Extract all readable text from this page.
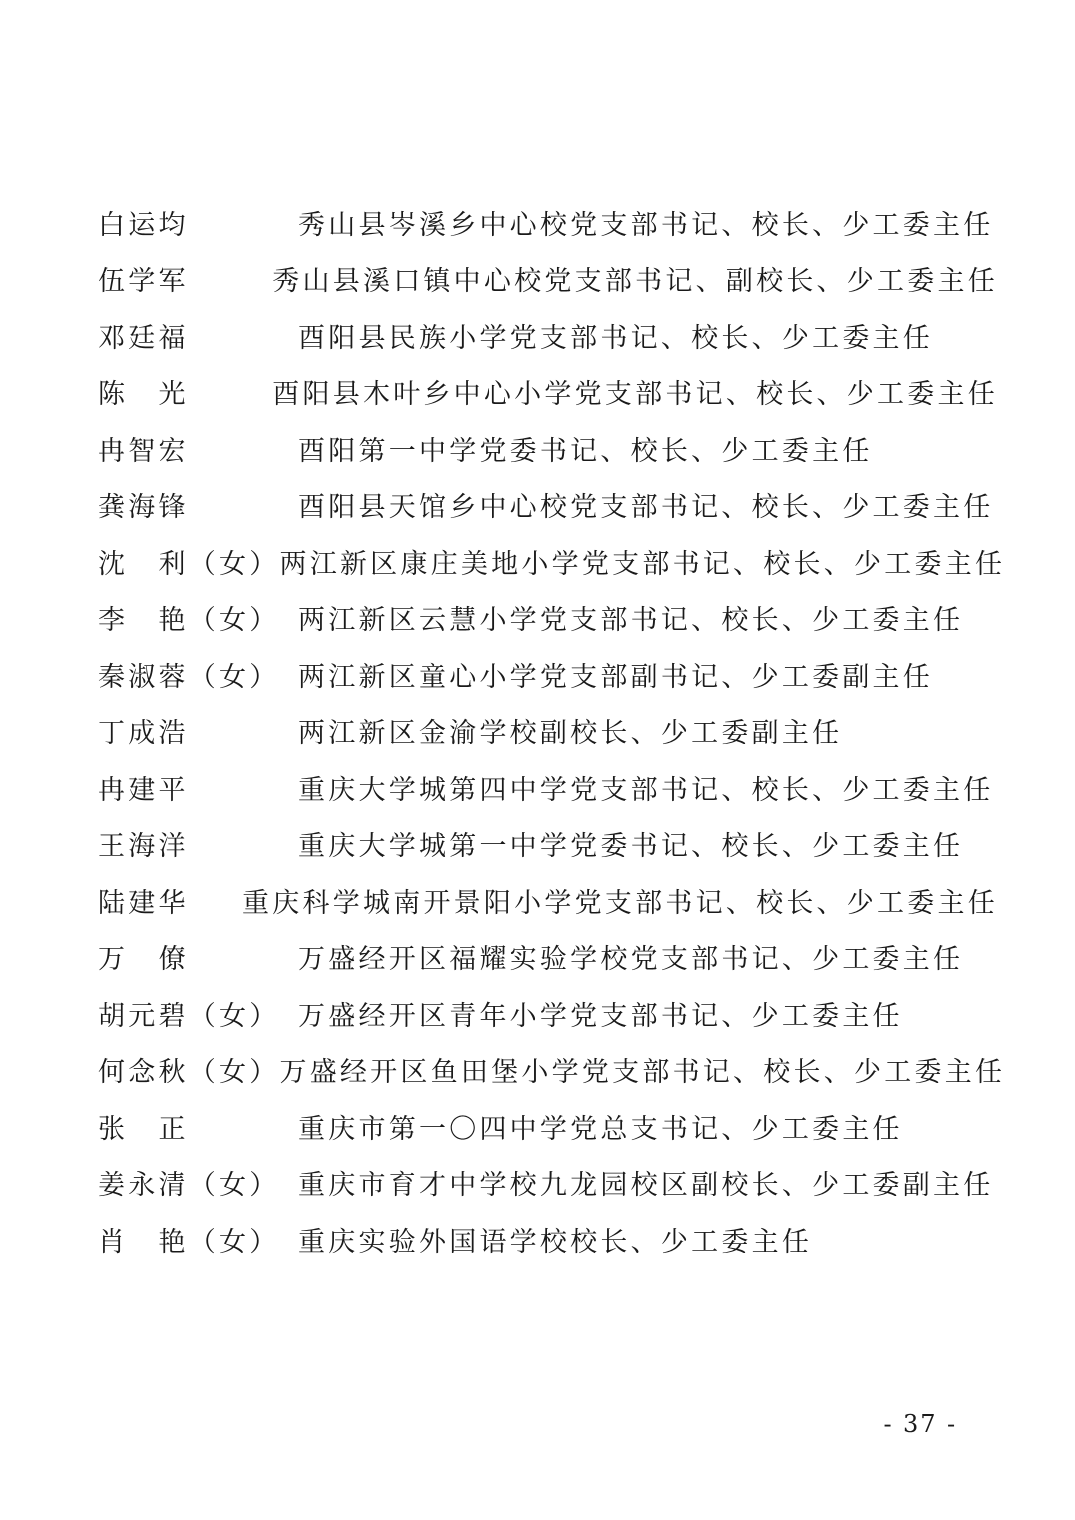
白运均	秀山县岑溪乡中心校党支部书记、校长、少工委主任
伍学军	秀山县溪口镇中心校党支部书记、副校长、少工委主任
邓廷福	酉阳县民族小学党支部书记、校长、少工委主任
陈　光	酉阳县木叶乡中心小学党支部书记、校长、少工委主任
冉智宏	酉阳第一中学党委书记、校长、少工委主任
龚海锋	酉阳县天馆乡中心校党支部书记、校长、少工委主任
沈　利（女） 两江新区康庄美地小学党支部书记、校长、少工委主任
李　艳（女） 两江新区云慧小学党支部书记、校长、少工委主任
秦淑蓉（女） 两江新区童心小学党支部副书记、少工委副主任
丁成浩	两江新区金渝学校副校长、少工委副主任
冉建平	重庆大学城第四中学党支部书记、校长、少工委主任
王海洋	重庆大学城第一中学党委书记、校长、少工委主任
陆建华	重庆科学城南开景阳小学党支部书记、校长、少工委主任
万　僚	万盛经开区福耀实验学校党支部书记、少工委主任
胡元碧（女） 万盛经开区青年小学党支部书记、少工委主任
何念秋（女） 万盛经开区鱼田堡小学党支部书记、校长、少工委主任
张　正	重庆市第一〇四中学党总支书记、少工委主任
姜永清（女） 重庆市育才中学校九龙园校区副校长、少工委副主任
肖　艳（女） 重庆实验外国语学校校长、少工委主任
- 37 -
